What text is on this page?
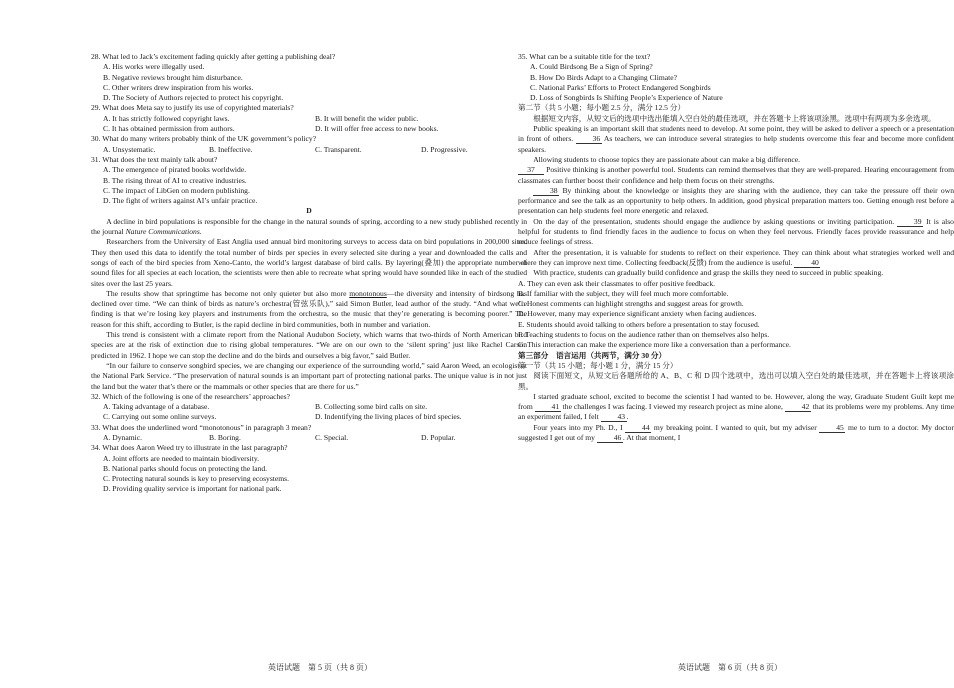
28. What led to Jack’s excitement fading quickly after getting a publishing deal?

A. His works were illegally used.

B. Negative reviews brought him disturbance.

C. Other writers drew inspiration from his works.

D. The Society of Authors rejected to protect his copyright.

29. What does Meta say to justify its use of copyrighted materials?

A. It has strictly followed copyright laws.	B. It will benefit the wider public.
C. It has obtained permission from authors.	D. It will offer free access to new books.

30. What do many writers probably think of the UK government’s policy?

A. Unsystematic.	B. Ineffective.	C. Transparent.	D. Progressive.

31. What does the text mainly talk about?

A. The emergence of pirated books worldwide.

B. The rising threat of AI to creative industries.

C. The impact of LibGen on modern publishing.

D. The fight of writers against AI’s unfair practice.

D

A decline in bird populations is responsible for the change in the natural sounds of spring, according to a new study published recently in the journal Nature Communications.

Researchers from the University of East Anglia used annual bird monitoring surveys to access data on bird populations in 200,000 sites. They then used this data to identify the total number of birds per species in every selected site during a year and downloaded the calls and songs of each of the bird species from Xeno-Canto, the world’s largest database of bird calls. By layering(叠加) the appropriate number of sound files for all species at each location, the scientists were then able to recreate what spring would have sounded like in each of the studied sites over the last 25 years.

The results show that springtime has become not only quieter but also more monotonous—the diversity and intensity of birdsong has declined over time. “We can think of birds as nature’s orchestra(管弦乐队),” said Simon Butler, lead author of the study. “And what we’re finding is that we’re losing key players and instruments from the orchestra, so the music that they’re generating is becoming poorer.” The reason for this shift, according to Butler, is the rapid decline in bird communities, both in number and variation.

This trend is consistent with a climate report from the National Audubon Society, which warns that two-thirds of North American bird species are at the risk of extinction due to rising global temperatures. “We are on our own to the ‘silent spring’ just like Rachel Carson predicted in 1962. I hope we can stop the decline and do the birds and ourselves a big favor,” said Butler.

“In our failure to conserve songbird species, we are changing our experience of the surrounding world,” said Aaron Weed, an ecologist at the National Park Service. “The preservation of natural sounds is an important part of protecting national parks. The unique value is in not just the land but the water that’s there or the mammals or other species that are there for us.”

32. Which of the following is one of the researchers’ approaches?

A. Taking advantage of a database.	B. Collecting some bird calls on site.
C. Carrying out some online surveys.	D. Indentifying the living places of bird species.

33. What does the underlined word “monotonous” in paragraph 3 mean?

A. Dynamic.	B. Boring.	C. Special.	D. Popular.

34. What does Aaron Weed try to illustrate in the last paragraph?

A. Joint efforts are needed to maintain biodiversity.

B. National parks should focus on protecting the land.

C. Protecting natural sounds is key to preserving ecosystems.

D. Providing quality service is important for national park.

35. What can be a suitable title for the text?

A. Could Birdsong Be a Sign of Spring?

B. How Do Birds Adapt to a Changing Climate?

C. National Parks’ Efforts to Protect Endangered Songbirds

D. Loss of Songbirds Is Shifting People’s Experience of Nature

第二节（共 5 小题；每小题 2.5 分，满分 12.5 分）

根据短文内容，从短文后的选项中选出能填入空白处的最佳选项，并在答题卡上将该项涂黑。选项中有两项为多余选项。

Public speaking is an important skill that students need to develop. At some point, they will be asked to deliver a speech or a presentation in front of others.	36 As teachers, we can introduce several strategies to help students overcome this fear and become more confident speakers.

Allowing students to choose topics they are passionate about can make a big difference.

37 Positive thinking is another powerful tool. Students can remind themselves that they are well-prepared. Hearing encouragement from classmates can further boost their confidence and help them focus on their strengths.

38 By thinking about the knowledge or insights they are sharing with the audience, they can take the pressure off their own performance and see the talk as an opportunity to help others. In addition, good physical preparation matters too. Getting enough rest before a presentation can help students feel more energetic and relaxed.

On the day of the presentation, students should engage the audience by asking questions or inviting participation.	39 It is also helpful for students to find friendly faces in the audience to focus on when they feel nervous. Friendly faces provide reassurance and help reduce feelings of stress.

After the presentation, it is valuable for students to reflect on their experience. They can think about what strategies worked well and where they can improve next time. Collecting feedback(反馈) from the audience is useful. 40

With practice, students can gradually build confidence and grasp the skills they need to succeed in public speaking.

A. They can even ask their classmates to offer positive feedback.

B. If familiar with the subject, they will feel much more comfortable.

C. Honest comments can highlight strengths and suggest areas for growth.

D. However, many may experience significant anxiety when facing audiences.

E. Students should avoid talking to others before a presentation to stay focused.

F. Teaching students to focus on the audience rather than on themselves also helps.

G. This interaction can make the experience more like a conversation than a performance.

第三部分　语言运用（共两节，满分 30 分）

第一节（共 15 小题；每小题 1 分，满分 15 分）

阅读下面短文，从短文后各题所给的 A、B、C 和 D 四个选项中，选出可以填入空白处的最佳选项，并在答题卡上将该项涂黑。

I started graduate school, excited to become the scientist I had wanted to be. However, along the way, Graduate Student Guilt kept me from 41 the challenges I was facing. I viewed my research project as mine alone, 42 that its problems were my problems. Any time an experiment failed, I felt 43 .

Four years into my Ph. D., I	44 my breaking point. I wanted to quit, but my adviser	45 me to turn to a doctor. My doctor suggested I get out of my 46 . At that moment, I

英语试题　第 5 页（共 8 页）	英语试题　第 6 页（共 8 页）
